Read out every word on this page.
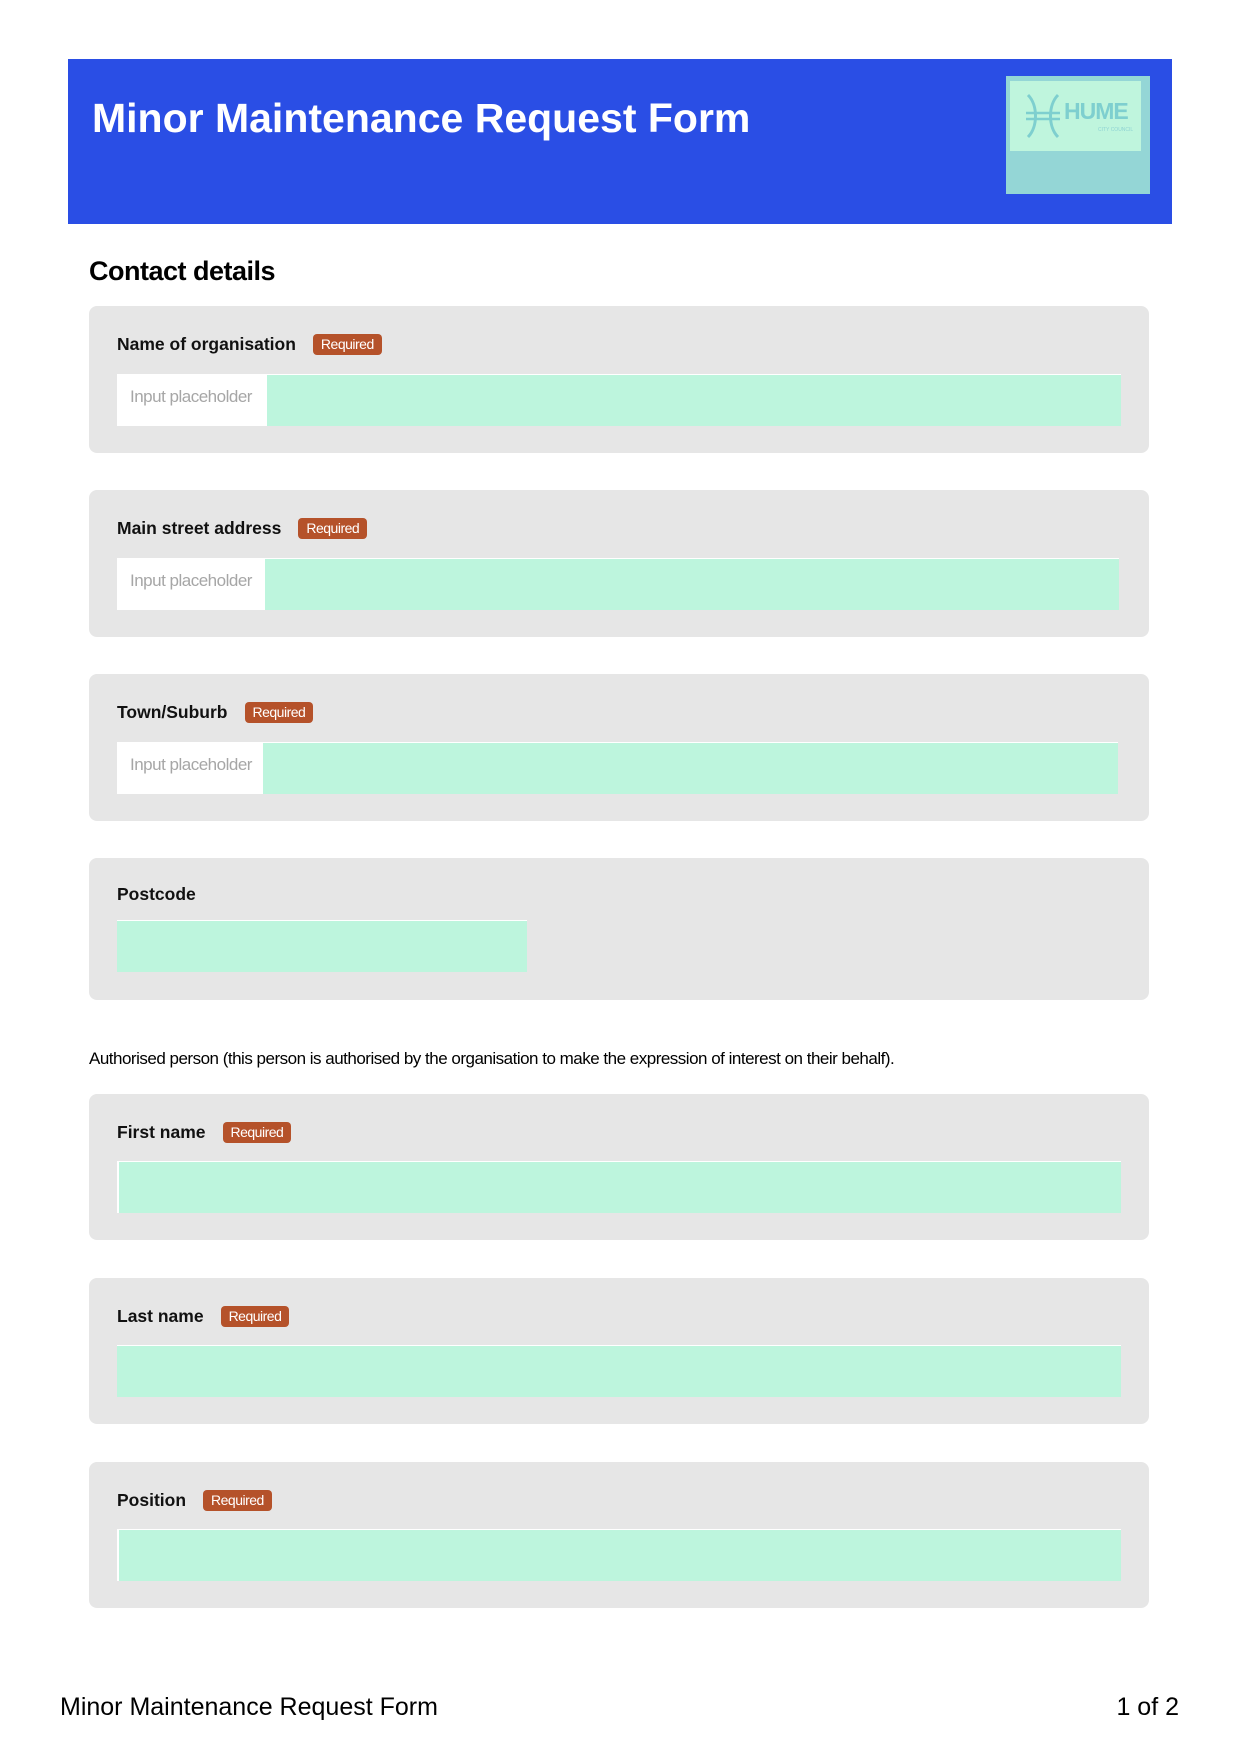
Minor Maintenance Request Form	HUME
CITY COUNCIL
Contact details
Name of organisation	Required
Input placeholder
Main street address	Required
Input placeholder
Town/Suburb	Required
Input placeholder
Postcode
Authorised person (this person is authorised by the organisation to make the expression of interest on their behalf).
First name	Required
Last name	Required
Position	Required
Minor Maintenance Request Form	1 of 2
